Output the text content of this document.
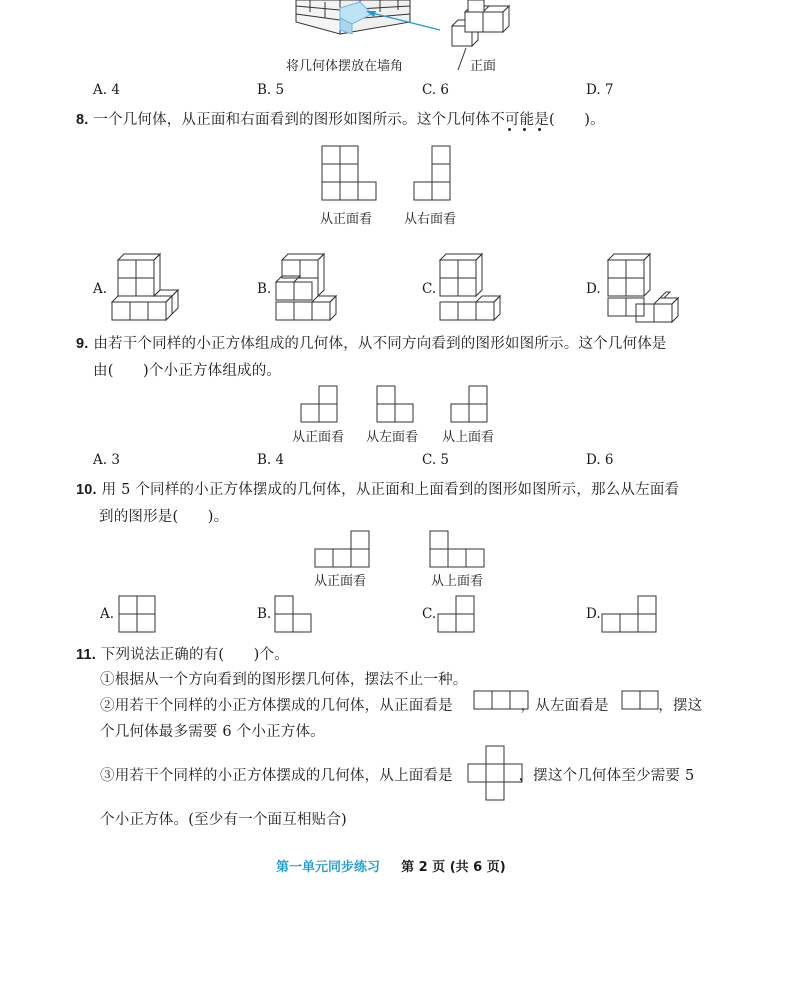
将几何体摆放在墙角	正面
A. 4	B. 5	C. 6	D. 7
8. 一个几何体，从正面和右面看到的图形如图所示。这个几何体不可能是(　　)。
从正面看 从右面看
A.	B.	C.	D.
9. 由若干个同样的小正方体组成的几何体，从不同方向看到的图形如图所示。这个几何体是
由(　　)个小正方体组成的。
从正面看 从左面看 从上面看
A. 3	B. 4	C. 5	D. 6
10. 用 5 个同样的小正方体摆成的几何体，从正面和上面看到的图形如图所示，那么从左面看
到的图形是(　　)。
从正面看	从上面看
A.	B.	C.	D.
11. 下列说法正确的有(　　)个。
①根据从一个方向看到的图形摆几何体，摆法不止一种。
②用若干个同样的小正方体摆成的几何体，从正面看是	，从左面看是	，摆这
个几何体最多需要 6 个小正方体。
③用若干个同样的小正方体摆成的几何体，从上面看是	，摆这个几何体至少需要 5
个小正方体。(至少有一个面互相贴合)
第一单元同步练习 第 2 页 (共 6 页)
